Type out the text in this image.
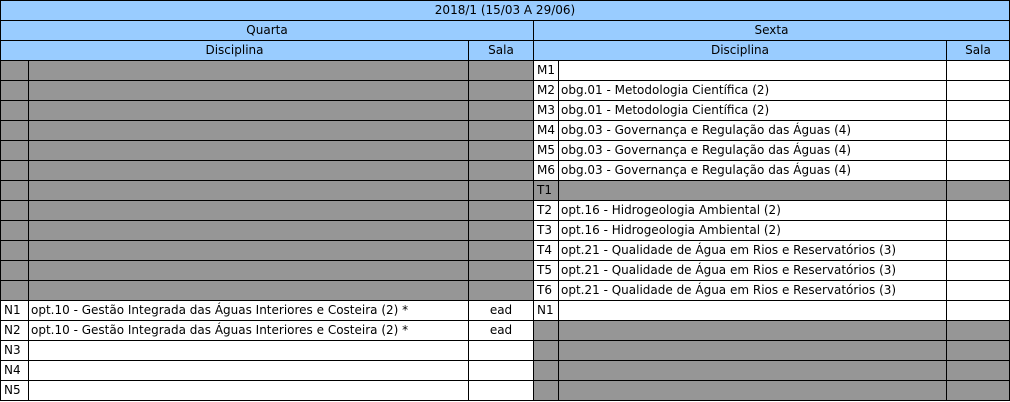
2018/1 (15/03 A 29/06)					
Quarta			Sexta		
Disciplina		Sala	Disciplina		Sala
			M1		
			M2	obg.01 - Metodologia Científica (2)	
			M3	obg.01 - Metodologia Científica (2)	
			M4	obg.03 - Governança e Regulação das Águas (4)	
			M5	obg.03 - Governança e Regulação das Águas (4)	
			M6	obg.03 - Governança e Regulação das Águas (4)	
			T1		
			T2	opt.16 - Hidrogeologia Ambiental (2)	
			T3	opt.16 - Hidrogeologia Ambiental (2)	
			T4	opt.21 - Qualidade de Água em Rios e Reservatórios (3)	
			T5	opt.21 - Qualidade de Água em Rios e Reservatórios (3)	
			T6	opt.21 - Qualidade de Água em Rios e Reservatórios (3)	
N1	opt.10 - Gestão Integrada das Águas Interiores e Costeira (2) *	ead	N1		
N2	opt.10 - Gestão Integrada das Águas Interiores e Costeira (2) *	ead			
N3					
N4					
N5					
